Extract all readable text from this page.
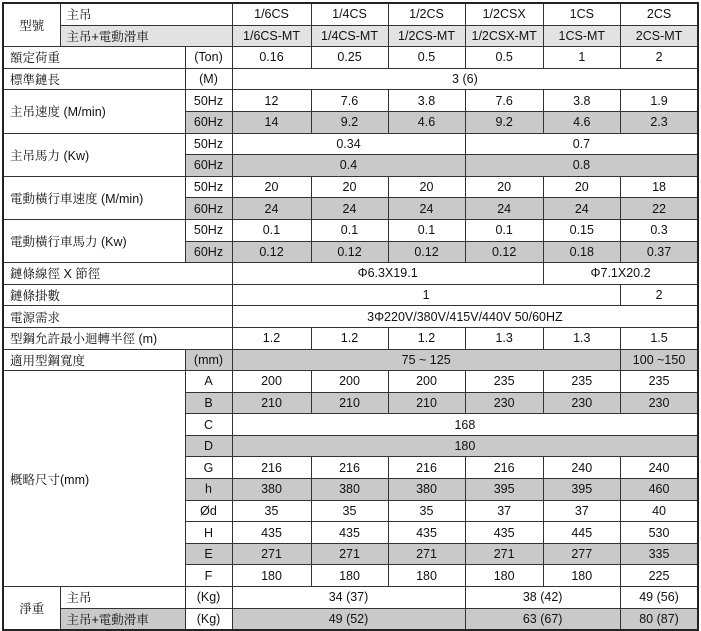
型號	主吊		1/6CS	1/4CS	1/2CS	1/2CSX	1CS	2CS
	主吊+電動滑車		1/6CS-MT	1/4CS-MT	1/2CS-MT	1/2CSX-MT	1CS-MT	2CS-MT
額定荷重		(Ton)	0.16	0.25	0.5	0.5	1	2
標準鏈長		(M)	3 (6)					
主吊速度 (M/min)		50Hz	12	7.6	3.8	7.6	3.8	1.9
		60Hz	14	9.2	4.6	9.2	4.6	2.3
主吊馬力 (Kw)		50Hz	0.34			0.7		
		60Hz	0.4			0.8		
電動橫行車速度 (M/min)		50Hz	20	20	20	20	20	18
		60Hz	24	24	24	24	24	22
電動橫行車馬力 (Kw)		50Hz	0.1	0.1	0.1	0.1	0.15	0.3
		60Hz	0.12	0.12	0.12	0.12	0.18	0.37
鏈條線徑 X 節徑			Φ6.3X19.1				Φ7.1X20.2	
鏈條掛數			1					2
電源需求			3Φ220V/380V/415V/440V 50/60HZ					
型鋼允許最小迴轉半徑 (m)			1.2	1.2	1.2	1.3	1.3	1.5
適用型鋼寬度		(mm)	75 ~ 125					100 ~150
概略尺寸(mm)		A	200	200	200	235	235	235
		B	210	210	210	230	230	230
		C	168					
		D	180					
		G	216	216	216	216	240	240
		h	380	380	380	395	395	460
		Ød	35	35	35	37	37	40
		H	435	435	435	435	445	530
		E	271	271	271	271	277	335
		F	180	180	180	180	180	225
淨重	主吊	(Kg)	34 (37)			38 (42)		49 (56)
	主吊+電動滑車	(Kg)	49 (52)			63 (67)		80 (87)
